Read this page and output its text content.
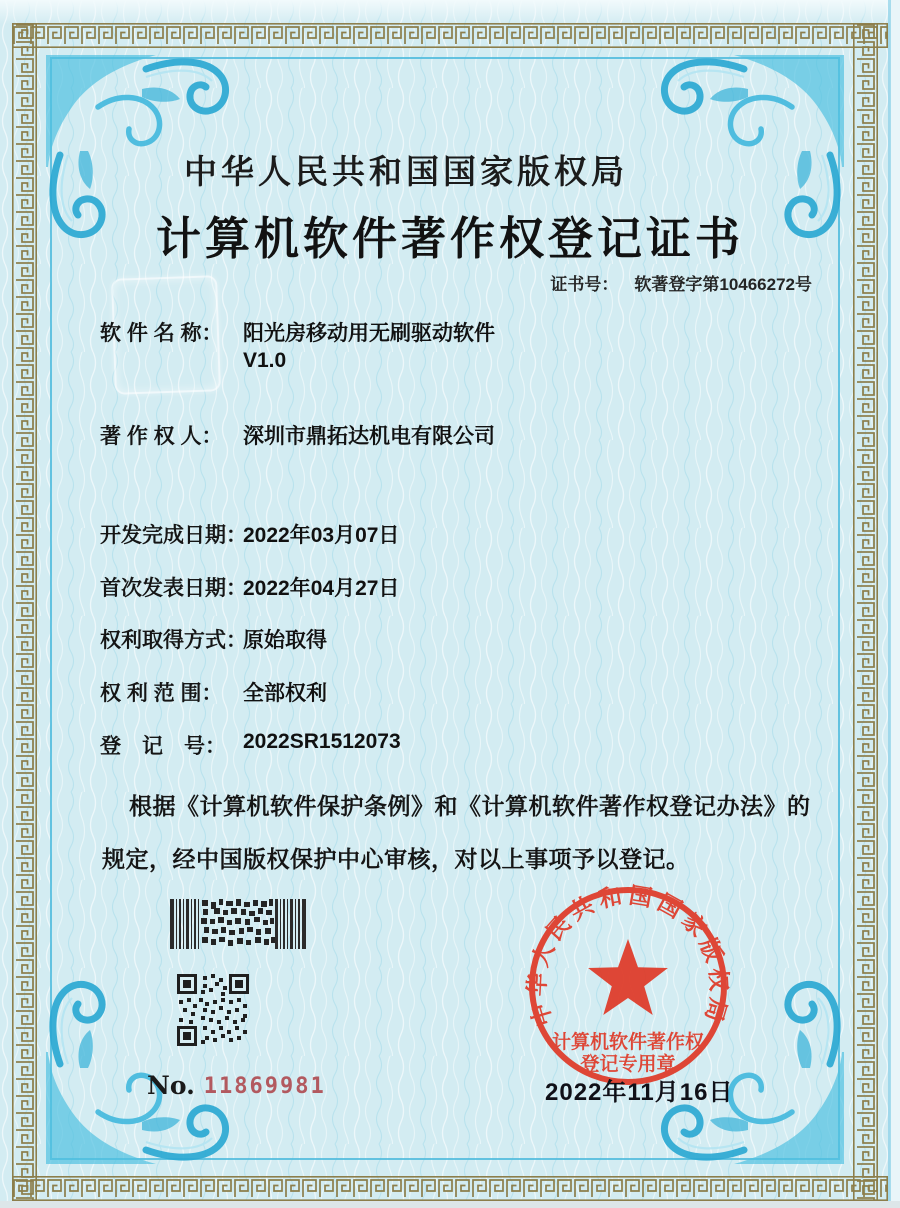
中华人民共和国国家版权局
计算机软件著作权登记证书
证书号： 软著登字第10466272号
软 件 名 称： 阳光房移动用无刷驱动软件
V1.0
著 作 权 人： 深圳市鼎拓达机电有限公司
开发完成日期：
2022年03月07日
首次发表日期：
2022年04月27日
权利取得方式：
原始取得
权 利 范 围： 全部权利
登　记　号： 2022SR1512073
根据《计算机软件保护条例》和《计算机软件著作权登记办法》的
规定，经中国版权保护中心审核，对以上事项予以登记。
No. 11869981
中华人民共和国国家版权局
计算机软件著作权
登记专用章
2022年11月16日
